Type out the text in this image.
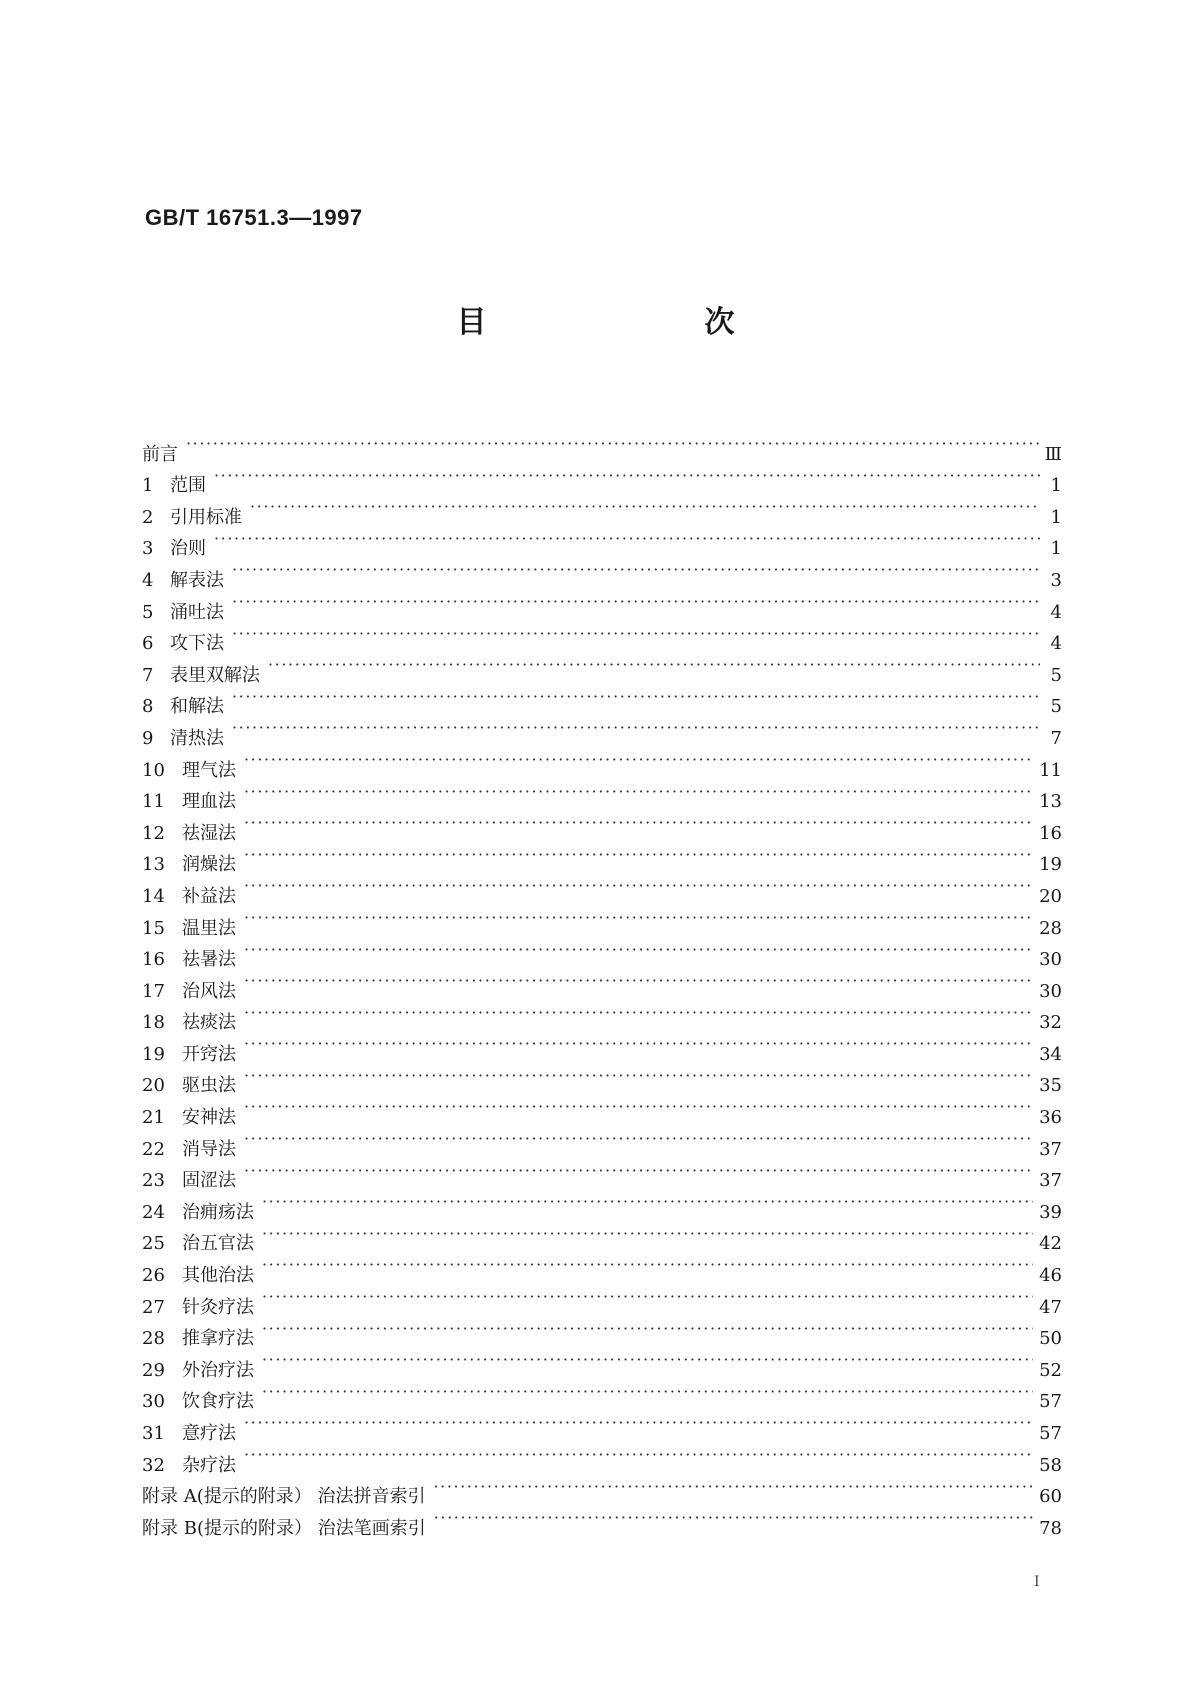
GB/T 16751.3—1997
目　次
前言 ·····	Ⅲ
1 范围 ·····	1
2 引用标准 ·····	1
3 治则 ·····	1
4 解表法 ·····	3
5 涌吐法 ·····	4
6 攻下法 ·····	4
7 表里双解法 ·····	5
8 和解法 ·····	5
9 清热法 ·····	7
10 理气法 ·····	11
11 理血法 ·····	13
12 祛湿法 ·····	16
13 润燥法 ·····	19
14 补益法 ·····	20
15 温里法 ·····	28
16 祛暑法 ·····	30
17 治风法 ·····	30
18 祛痰法 ·····	32
19 开窍法 ·····	34
20 驱虫法 ·····	35
21 安神法 ·····	36
22 消导法 ·····	37
23 固涩法 ·····	37
24 治痈疡法 ·····	39
25 治五官法 ·····	42
26 其他治法 ·····	46
27 针灸疗法 ·····	47
28 推拿疗法 ·····	50
29 外治疗法 ·····	52
30 饮食疗法 ·····	57
31 意疗法 ·····	57
32 杂疗法 ·····	58
附录 A(提示的附录） 治法拼音索引 ·····	60
附录 B(提示的附录） 治法笔画索引 ·····	78
Ⅰ
